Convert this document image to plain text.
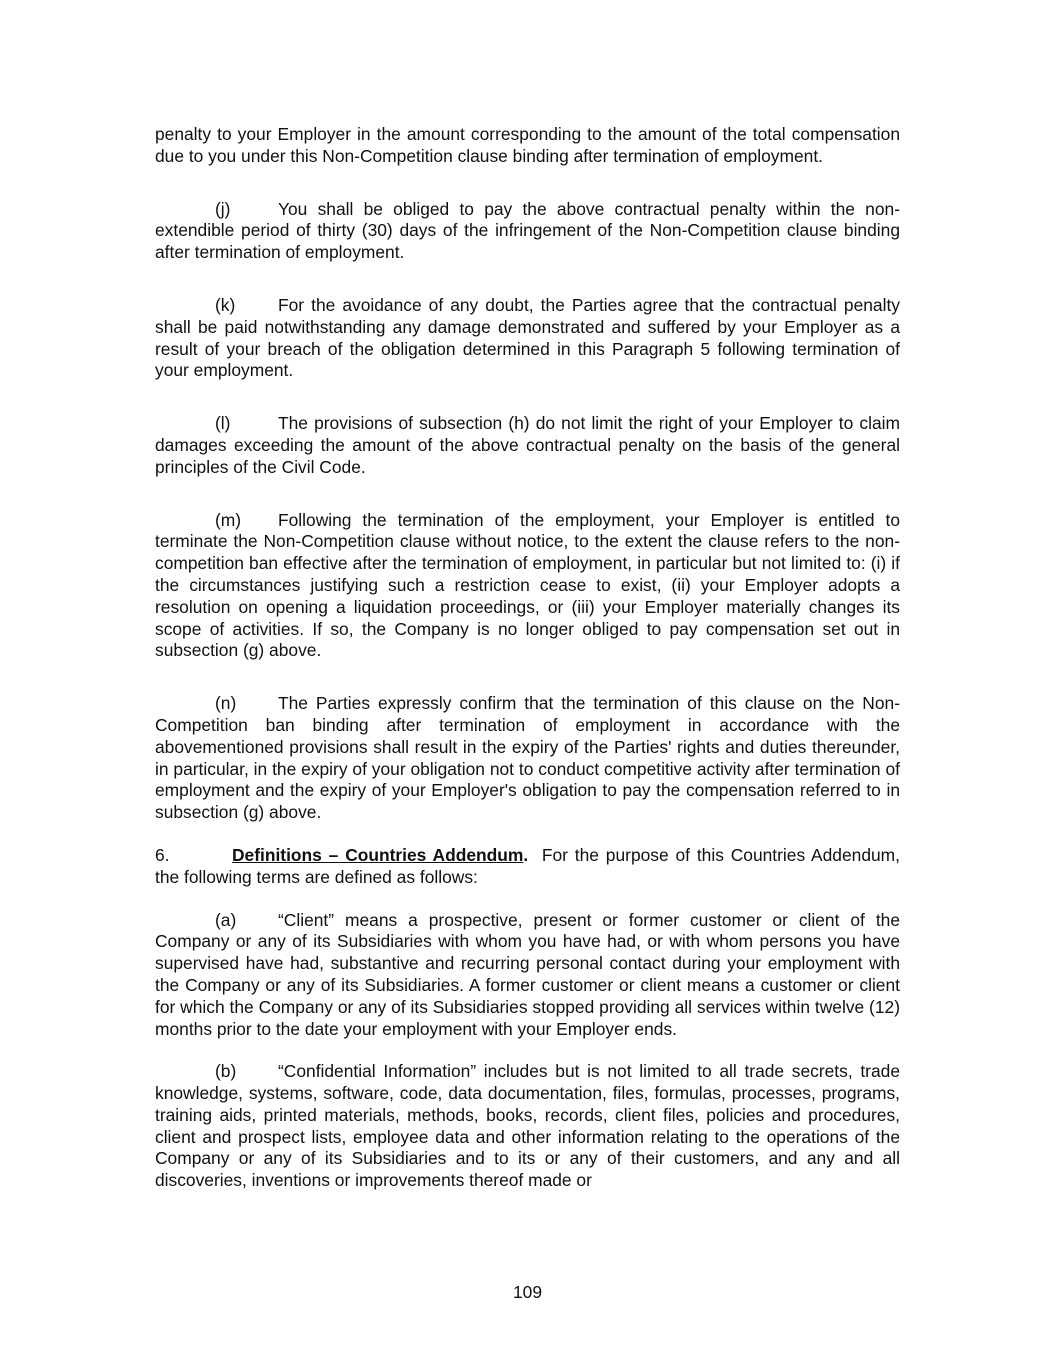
penalty to your Employer in the amount corresponding to the amount of the total compensation due to you under this Non-Competition clause binding after termination of employment.

(j)	You shall be obliged to pay the above contractual penalty within the non-extendible period of thirty (30) days of the infringement of the Non-Competition clause binding after termination of employment.

(k) For the avoidance of any doubt, the Parties agree that the contractual penalty shall be paid notwithstanding any damage demonstrated and suffered by your Employer as a result of your breach of the obligation determined in this Paragraph 5 following termination of your employment.

(l)	The provisions of subsection (h) do not limit the right of your Employer to claim damages exceeding the amount of the above contractual penalty on the basis of the general principles of the Civil Code.

(m) Following the termination of the employment, your Employer is entitled to terminate the Non-Competition clause without notice, to the extent the clause refers to the non-competition ban effective after the termination of employment, in particular but not limited to: (i) if the circumstances justifying such a restriction cease to exist, (ii) your Employer adopts a resolution on opening a liquidation proceedings, or (iii) your Employer materially changes its scope of activities. If so, the Company is no longer obliged to pay compensation set out in subsection (g) above.

(n) The Parties expressly confirm that the termination of this clause on the Non-Competition ban binding after termination of employment in accordance with the abovementioned provisions shall result in the expiry of the Parties' rights and duties thereunder, in particular, in the expiry of your obligation not to conduct competitive activity after termination of employment and the expiry of your Employer's obligation to pay the compensation referred to in subsection (g) above.

6.	Definitions – Countries Addendum. For the purpose of this Countries Addendum, the following terms are defined as follows:

(a) “Client” means a prospective, present or former customer or client of the Company or any of its Subsidiaries with whom you have had, or with whom persons you have supervised have had, substantive and recurring personal contact during your employment with the Company or any of its Subsidiaries. A former customer or client means a customer or client for which the Company or any of its Subsidiaries stopped providing all services within twelve (12) months prior to the date your employment with your Employer ends.

(b) “Confidential Information” includes but is not limited to all trade secrets, trade knowledge, systems, software, code, data documentation, files, formulas, processes, programs, training aids, printed materials, methods, books, records, client files, policies and procedures, client and prospect lists, employee data and other information relating to the operations of the Company or any of its Subsidiaries and to its or any of their customers, and any and all discoveries, inventions or improvements thereof made or

109
